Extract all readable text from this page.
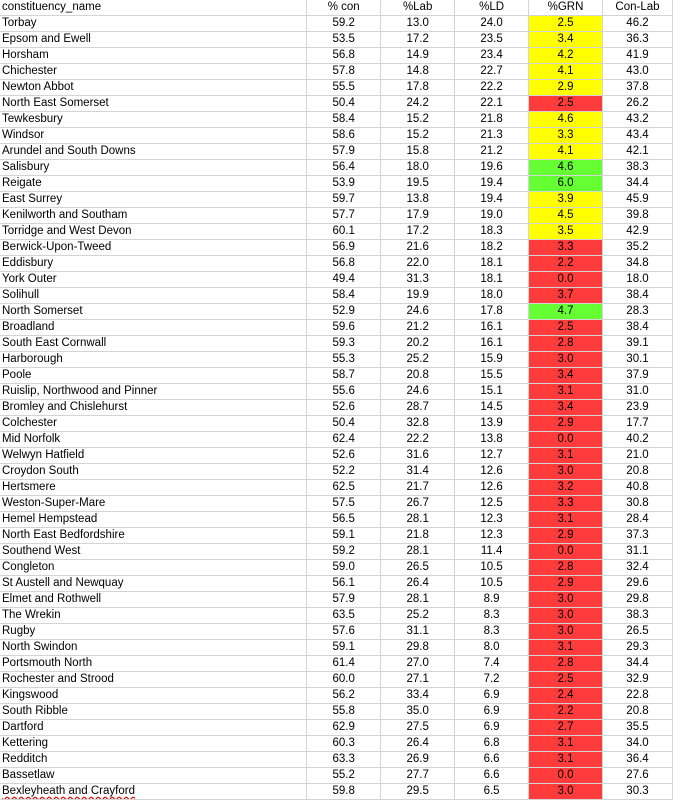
constituency_name	% con	%Lab	%LD	%GRN	Con-Lab
Torbay	59.2	13.0	24.0	2.5	46.2
Epsom and Ewell	53.5	17.2	23.5	3.4	36.3
Horsham	56.8	14.9	23.4	4.2	41.9
Chichester	57.8	14.8	22.7	4.1	43.0
Newton Abbot	55.5	17.8	22.2	2.9	37.8
North East Somerset	50.4	24.2	22.1	2.5	26.2
Tewkesbury	58.4	15.2	21.8	4.6	43.2
Windsor	58.6	15.2	21.3	3.3	43.4
Arundel and South Downs	57.9	15.8	21.2	4.1	42.1
Salisbury	56.4	18.0	19.6	4.6	38.3
Reigate	53.9	19.5	19.4	6.0	34.4
East Surrey	59.7	13.8	19.4	3.9	45.9
Kenilworth and Southam	57.7	17.9	19.0	4.5	39.8
Torridge and West Devon	60.1	17.2	18.3	3.5	42.9
Berwick-Upon-Tweed	56.9	21.6	18.2	3.3	35.2
Eddisbury	56.8	22.0	18.1	2.2	34.8
York Outer	49.4	31.3	18.1	0.0	18.0
Solihull	58.4	19.9	18.0	3.7	38.4
North Somerset	52.9	24.6	17.8	4.7	28.3
Broadland	59.6	21.2	16.1	2.5	38.4
South East Cornwall	59.3	20.2	16.1	2.8	39.1
Harborough	55.3	25.2	15.9	3.0	30.1
Poole	58.7	20.8	15.5	3.4	37.9
Ruislip, Northwood and Pinner	55.6	24.6	15.1	3.1	31.0
Bromley and Chislehurst	52.6	28.7	14.5	3.4	23.9
Colchester	50.4	32.8	13.9	2.9	17.7
Mid Norfolk	62.4	22.2	13.8	0.0	40.2
Welwyn Hatfield	52.6	31.6	12.7	3.1	21.0
Croydon South	52.2	31.4	12.6	3.0	20.8
Hertsmere	62.5	21.7	12.6	3.2	40.8
Weston-Super-Mare	57.5	26.7	12.5	3.3	30.8
Hemel Hempstead	56.5	28.1	12.3	3.1	28.4
North East Bedfordshire	59.1	21.8	12.3	2.9	37.3
Southend West	59.2	28.1	11.4	0.0	31.1
Congleton	59.0	26.5	10.5	2.8	32.4
St Austell and Newquay	56.1	26.4	10.5	2.9	29.6
Elmet and Rothwell	57.9	28.1	8.9	3.0	29.8
The Wrekin	63.5	25.2	8.3	3.0	38.3
Rugby	57.6	31.1	8.3	3.0	26.5
North Swindon	59.1	29.8	8.0	3.1	29.3
Portsmouth North	61.4	27.0	7.4	2.8	34.4
Rochester and Strood	60.0	27.1	7.2	2.5	32.9
Kingswood	56.2	33.4	6.9	2.4	22.8
South Ribble	55.8	35.0	6.9	2.2	20.8
Dartford	62.9	27.5	6.9	2.7	35.5
Kettering	60.3	26.4	6.8	3.1	34.0
Redditch	63.3	26.9	6.6	3.1	36.4
Bassetlaw	55.2	27.7	6.6	0.0	27.6
Bexleyheath and Crayford	59.8	29.5	6.5	3.0	30.3
